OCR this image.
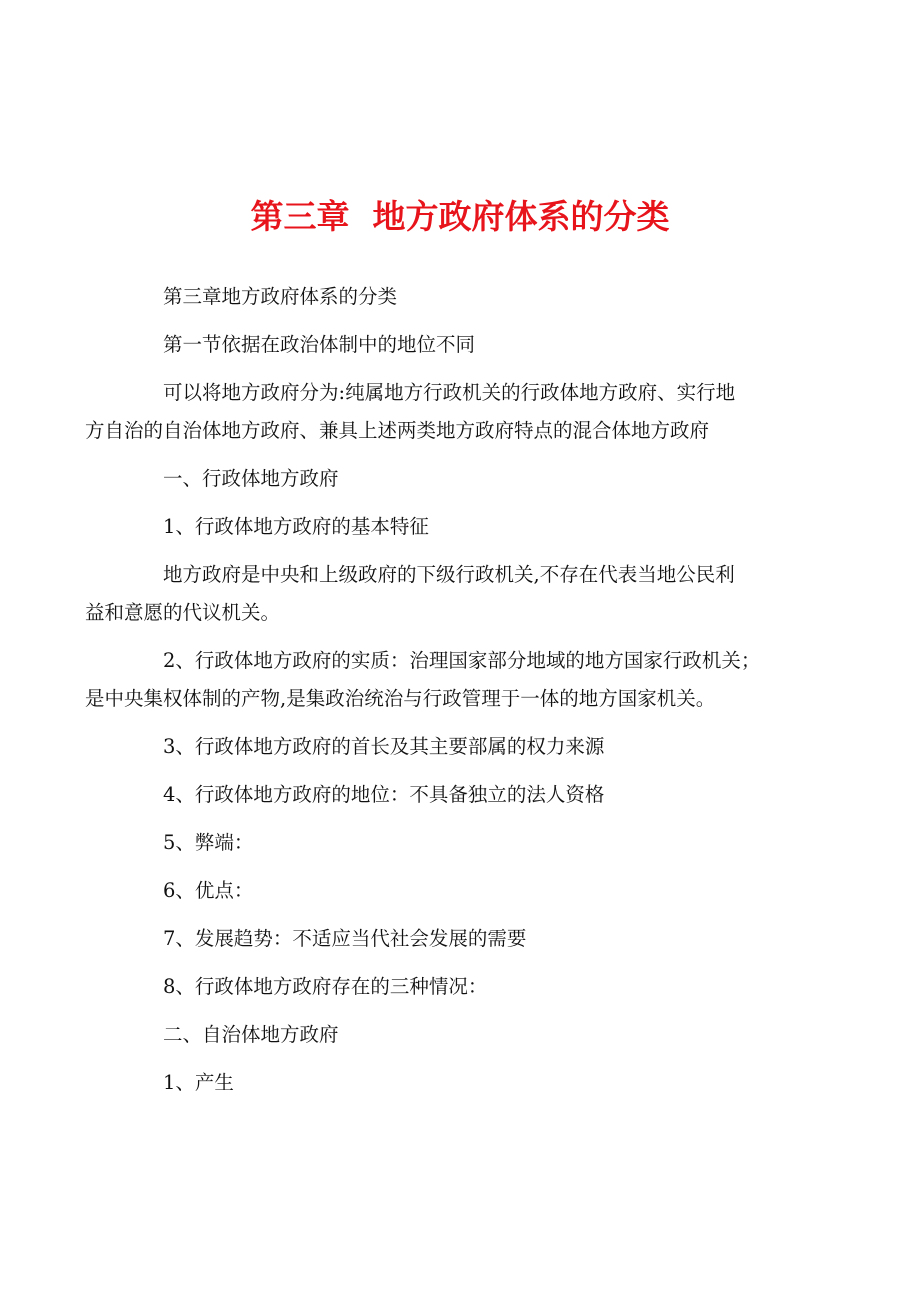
第三章  地方政府体系的分类

第三章地方政府体系的分类

第一节依据在政治体制中的地位不同

可以将地方政府分为:纯属地方行政机关的行政体地方政府、实行地
方自治的自治体地方政府、兼具上述两类地方政府特点的混合体地方政府

一、行政体地方政府

1、行政体地方政府的基本特征

地方政府是中央和上级政府的下级行政机关,不存在代表当地公民利
益和意愿的代议机关。

2、行政体地方政府的实质：治理国家部分地域的地方国家行政机关；
是中央集权体制的产物,是集政治统治与行政管理于一体的地方国家机关。

3、行政体地方政府的首长及其主要部属的权力来源

4、行政体地方政府的地位：不具备独立的法人资格

5、弊端：

6、优点：

7、发展趋势：不适应当代社会发展的需要

8、行政体地方政府存在的三种情况：

二、自治体地方政府

1、产生
